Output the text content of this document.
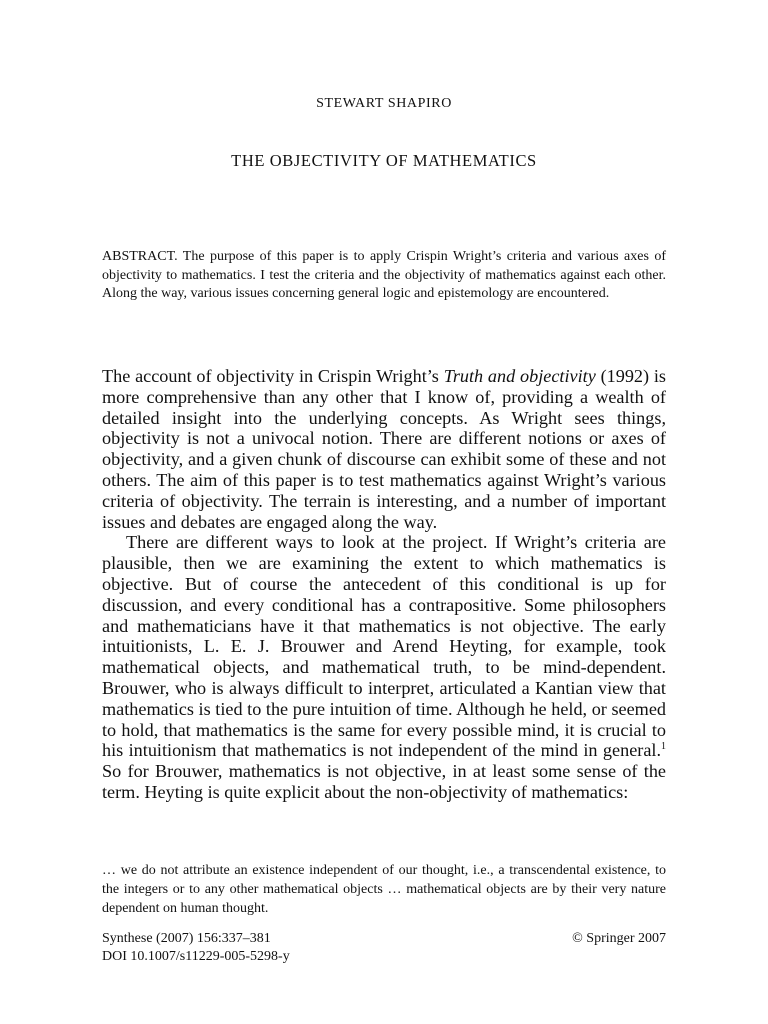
STEWART SHAPIRO
THE OBJECTIVITY OF MATHEMATICS

ABSTRACT. The purpose of this paper is to apply Crispin Wright’s criteria and various axes of objectivity to mathematics. I test the criteria and the objectivity of mathematics against each other. Along the way, various issues concerning general logic and epistemology are encountered.

The account of objectivity in Crispin Wright’s Truth and objectivity (1992) is more comprehensive than any other that I know of, providing a wealth of detailed insight into the underlying concepts. As Wright sees things, objectivity is not a univocal notion. There are different notions or axes of objectivity, and a given chunk of discourse can exhibit some of these and not others. The aim of this paper is to test mathematics against Wright’s various criteria of objectivity. The terrain is interesting, and a number of important issues and debates are engaged along the way.

There are different ways to look at the project. If Wright’s criteria are plausible, then we are examining the extent to which mathematics is objective. But of course the antecedent of this conditional is up for discussion, and every conditional has a contrapositive. Some philosophers and mathematicians have it that mathematics is not objective. The early intuitionists, L. E. J. Brouwer and Arend Heyting, for example, took mathematical objects, and mathematical truth, to be mind-dependent. Brouwer, who is always difficult to interpret, articulated a Kantian view that mathematics is tied to the pure intuition of time. Although he held, or seemed to hold, that mathematics is the same for every possible mind, it is crucial to his intuitionism that mathematics is not independent of the mind in general.$^1$ So for Brouwer, mathematics is not objective, in at least some sense of the term. Heyting is quite explicit about the non-objectivity of mathematics:

… we do not attribute an existence independent of our thought, i.e., a transcendental existence, to the integers or to any other mathematical objects … mathematical objects are by their very nature dependent on human thought.

Synthese (2007) 156:337–381	© Springer 2007
DOI 10.1007/s11229-005-5298-y
